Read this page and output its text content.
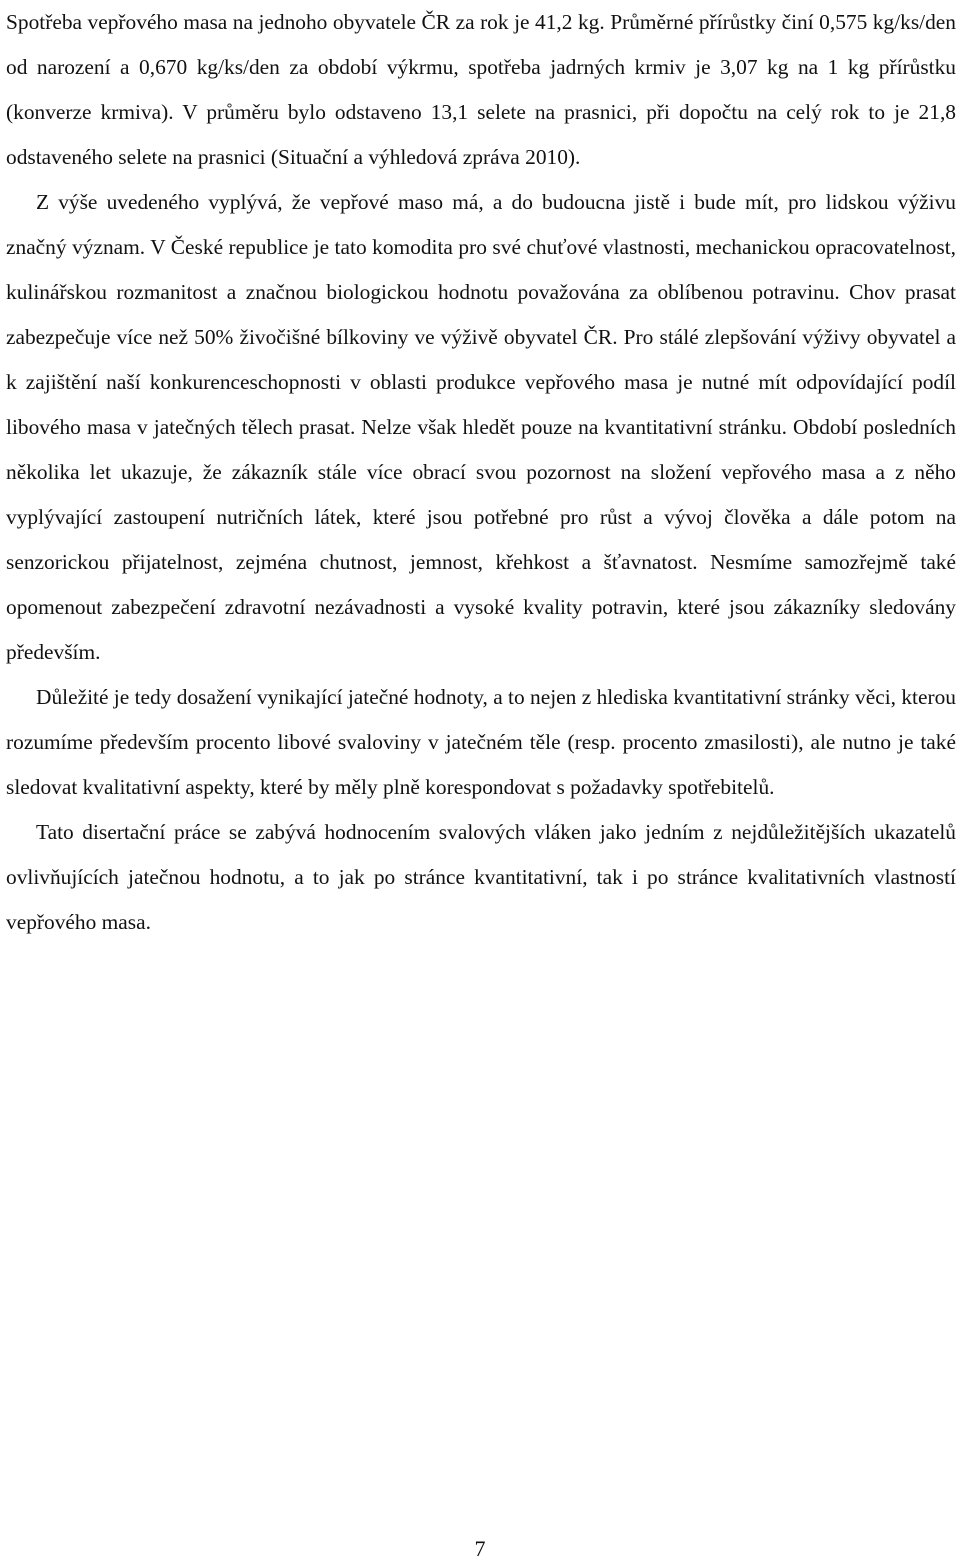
Spotřeba vepřového masa na jednoho obyvatele ČR za rok je 41,2 kg. Průměrné přírůstky činí 0,575 kg/ks/den od narození a 0,670 kg/ks/den za období výkrmu, spotřeba jadrných krmiv je 3,07 kg na 1 kg přírůstku (konverze krmiva). V průměru bylo odstaveno 13,1 selete na prasnici, při dopočtu na celý rok to je 21,8 odstaveného selete na prasnici (Situační a výhledová zpráva 2010).

Z výše uvedeného vyplývá, že vepřové maso má, a do budoucna jistě i bude mít, pro lidskou výživu značný význam. V České republice je tato komodita pro své chuťové vlastnosti, mechanickou opracovatelnost, kulinářskou rozmanitost a značnou biologickou hodnotu považována za oblíbenou potravinu. Chov prasat zabezpečuje více než 50% živočišné bílkoviny ve výživě obyvatel ČR. Pro stálé zlepšování výživy obyvatel a k zajištění naší konkurenceschopnosti v oblasti produkce vepřového masa je nutné mít odpovídající podíl libového masa v jatečných tělech prasat. Nelze však hledět pouze na kvantitativní stránku. Období posledních několika let ukazuje, že zákazník stále více obrací svou pozornost na složení vepřového masa a z něho vyplývající zastoupení nutričních látek, které jsou potřebné pro růst a vývoj člověka a dále potom na senzorickou přijatelnost, zejména chutnost, jemnost, křehkost a šťavnatost. Nesmíme samozřejmě také opomenout zabezpečení zdravotní nezávadnosti a vysoké kvality potravin, které jsou zákazníky sledovány především.

Důležité je tedy dosažení vynikající jatečné hodnoty, a to nejen z hlediska kvantitativní stránky věci, kterou rozumíme především procento libové svaloviny v jatečném těle (resp. procento zmasilosti), ale nutno je také sledovat kvalitativní aspekty, které by měly plně korespondovat s požadavky spotřebitelů.

Tato disertační práce se zabývá hodnocením svalových vláken jako jedním z nejdůležitějších ukazatelů ovlivňujících jatečnou hodnotu, a to jak po stránce kvantitativní, tak i po stránce kvalitativních vlastností vepřového masa.

7
